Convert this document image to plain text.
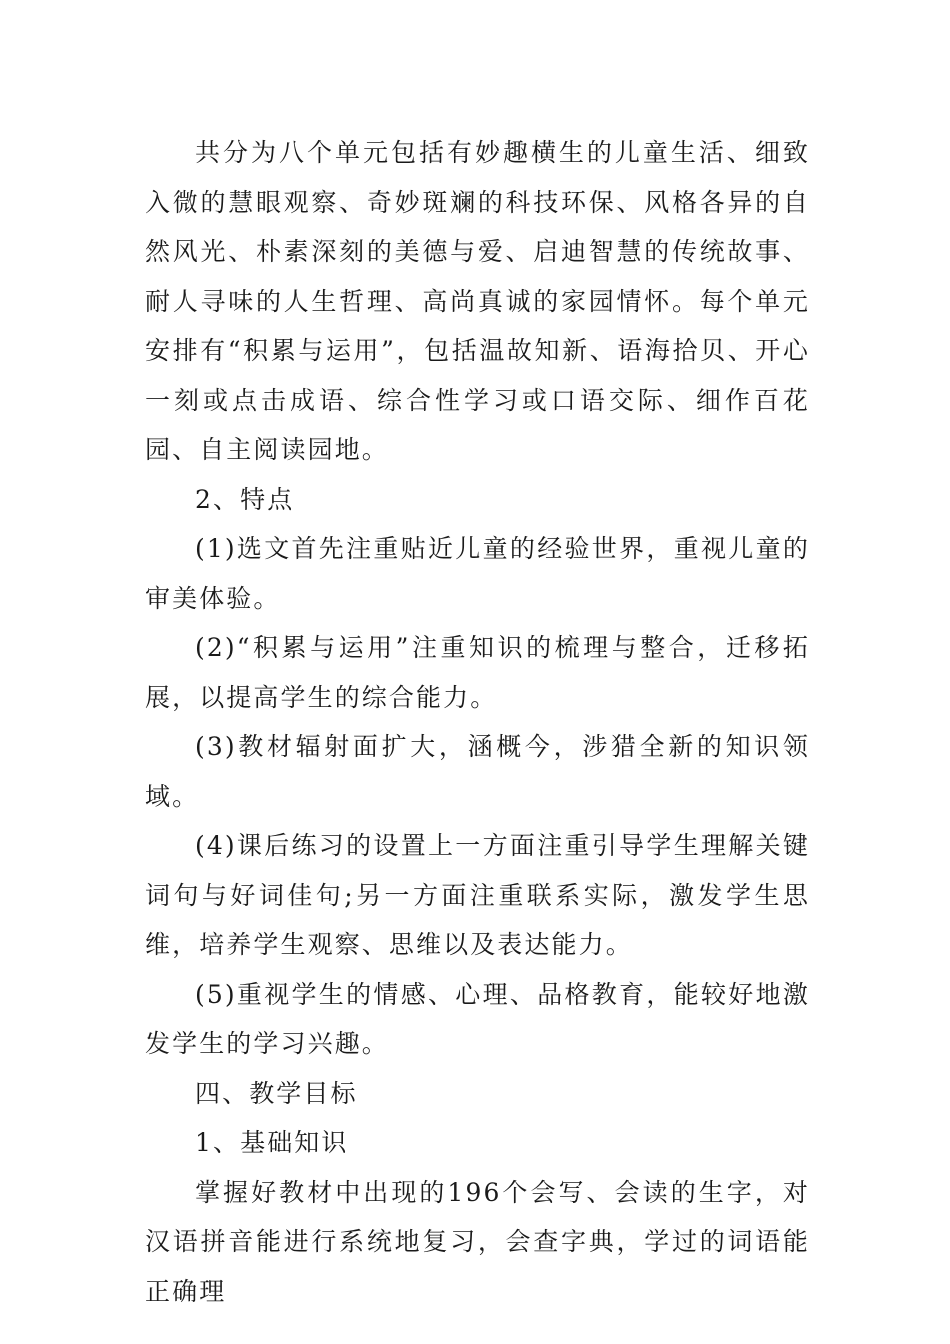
共分为八个单元包括有妙趣横生的儿童生活、细致入微的慧眼观察、奇妙斑斓的科技环保、风格各异的自然风光、朴素深刻的美德与爱、启迪智慧的传统故事、耐人寻味的人生哲理、高尚真诚的家园情怀。每个单元安排有“积累与运用”，包括温故知新、语海拾贝、开心一刻或点击成语、综合性学习或口语交际、细作百花园、自主阅读园地。

2、特点

(1)选文首先注重贴近儿童的经验世界，重视儿童的审美体验。

(2)“积累与运用”注重知识的梳理与整合，迁移拓展，以提高学生的综合能力。

(3)教材辐射面扩大，涵概今，涉猎全新的知识领域。

(4)课后练习的设置上一方面注重引导学生理解关键词句与好词佳句;另一方面注重联系实际，激发学生思维，培养学生观察、思维以及表达能力。

(5)重视学生的情感、心理、品格教育，能较好地激发学生的学习兴趣。

四、教学目标

1、基础知识

掌握好教材中出现的196个会写、会读的生字，对汉语拼音能进行系统地复习，会查字典，学过的词语能正确理
